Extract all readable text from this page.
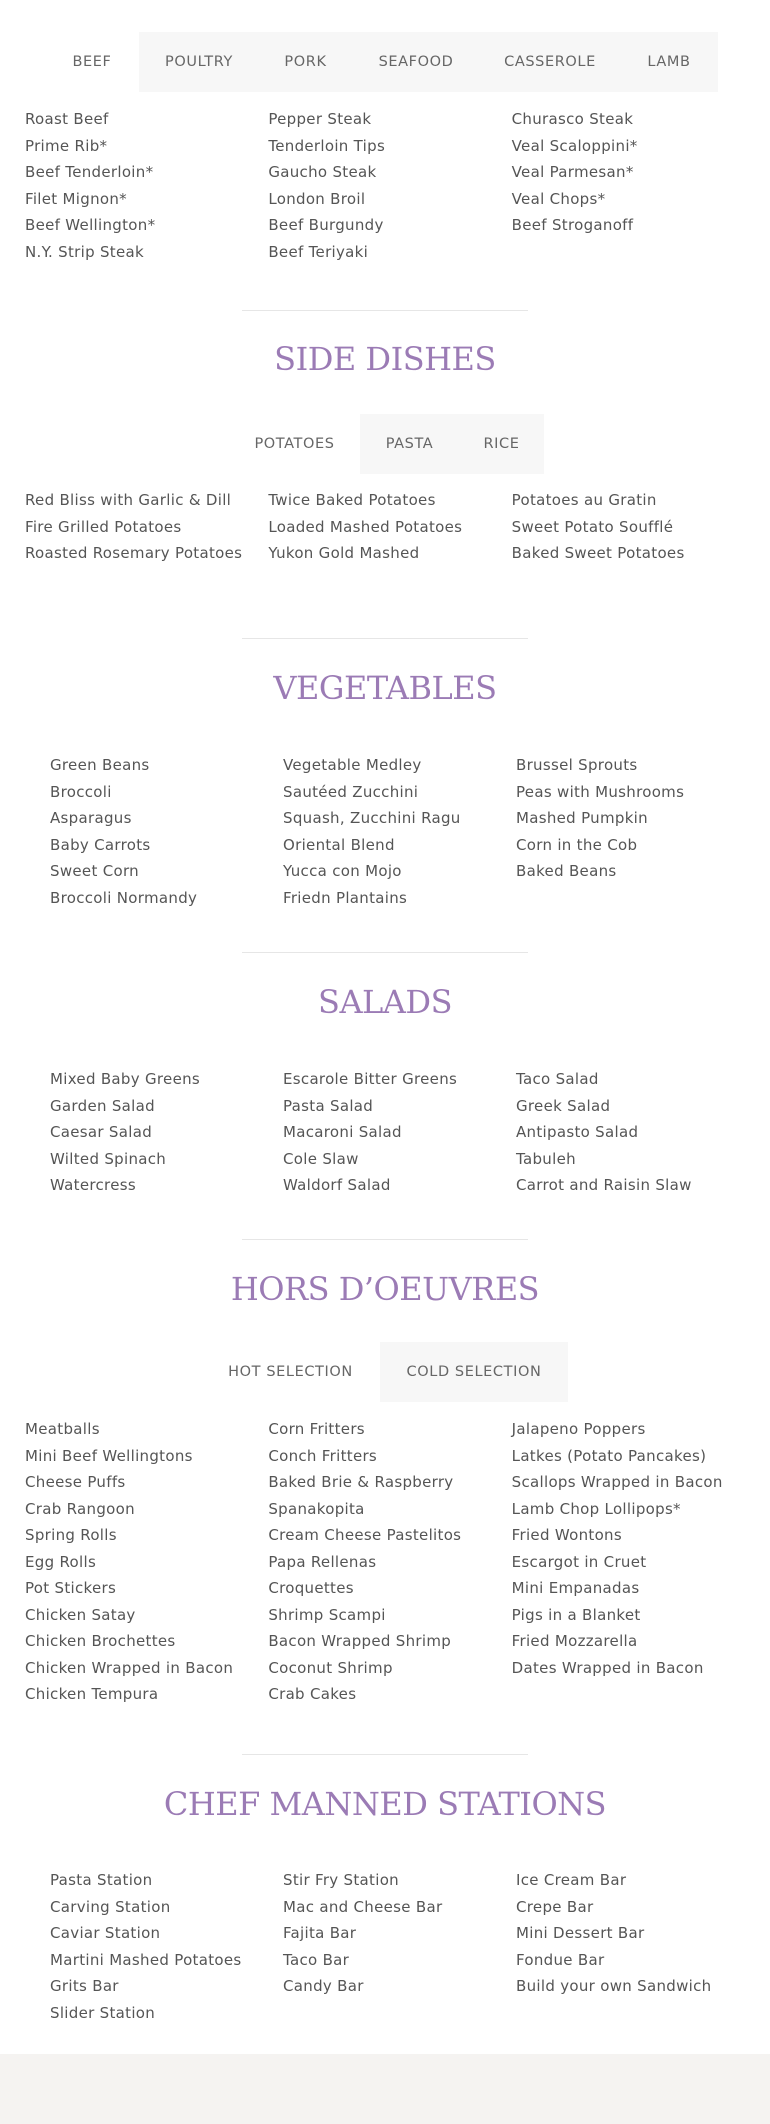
BEEF	POULTRY	PORK	SEAFOOD	CASSEROLE	LAMB
Roast Beef
Prime Rib*
Beef Tenderloin*
Filet Mignon*
Beef Wellington*
N.Y. Strip Steak
Pepper Steak
Tenderloin Tips
Gaucho Steak
London Broil
Beef Burgundy
Beef Teriyaki
Churasco Steak
Veal Scaloppini*
Veal Parmesan*
Veal Chops*
Beef Stroganoff
SIDE DISHES
POTATOES	PASTA	RICE
Red Bliss with Garlic & Dill
Fire Grilled Potatoes
Roasted Rosemary Potatoes
Twice Baked Potatoes
Loaded Mashed Potatoes
Yukon Gold Mashed
Potatoes au Gratin
Sweet Potato Soufflé
Baked Sweet Potatoes
VEGETABLES
Green Beans
Broccoli
Asparagus
Baby Carrots
Sweet Corn
Broccoli Normandy
Vegetable Medley
Sautéed Zucchini
Squash, Zucchini Ragu
Oriental Blend
Yucca con Mojo
Friedn Plantains
Brussel Sprouts
Peas with Mushrooms
Mashed Pumpkin
Corn in the Cob
Baked Beans
SALADS
Mixed Baby Greens
Garden Salad
Caesar Salad
Wilted Spinach
Watercress
Escarole Bitter Greens
Pasta Salad
Macaroni Salad
Cole Slaw
Waldorf Salad
Taco Salad
Greek Salad
Antipasto Salad
Tabuleh
Carrot and Raisin Slaw
HORS D’OEUVRES
HOT SELECTION	COLD SELECTION
Meatballs
Mini Beef Wellingtons
Cheese Puffs
Crab Rangoon
Spring Rolls
Egg Rolls
Pot Stickers
Chicken Satay
Chicken Brochettes
Chicken Wrapped in Bacon
Chicken Tempura
Corn Fritters
Conch Fritters
Baked Brie & Raspberry
Spanakopita
Cream Cheese Pastelitos
Papa Rellenas
Croquettes
Shrimp Scampi
Bacon Wrapped Shrimp
Coconut Shrimp
Crab Cakes
Jalapeno Poppers
Latkes (Potato Pancakes)
Scallops Wrapped in Bacon
Lamb Chop Lollipops*
Fried Wontons
Escargot in Cruet
Mini Empanadas
Pigs in a Blanket
Fried Mozzarella
Dates Wrapped in Bacon
CHEF MANNED STATIONS
Pasta Station
Carving Station
Caviar Station
Martini Mashed Potatoes
Grits Bar
Slider Station
Stir Fry Station
Mac and Cheese Bar
Fajita Bar
Taco Bar
Candy Bar
Ice Cream Bar
Crepe Bar
Mini Dessert Bar
Fondue Bar
Build your own Sandwich
